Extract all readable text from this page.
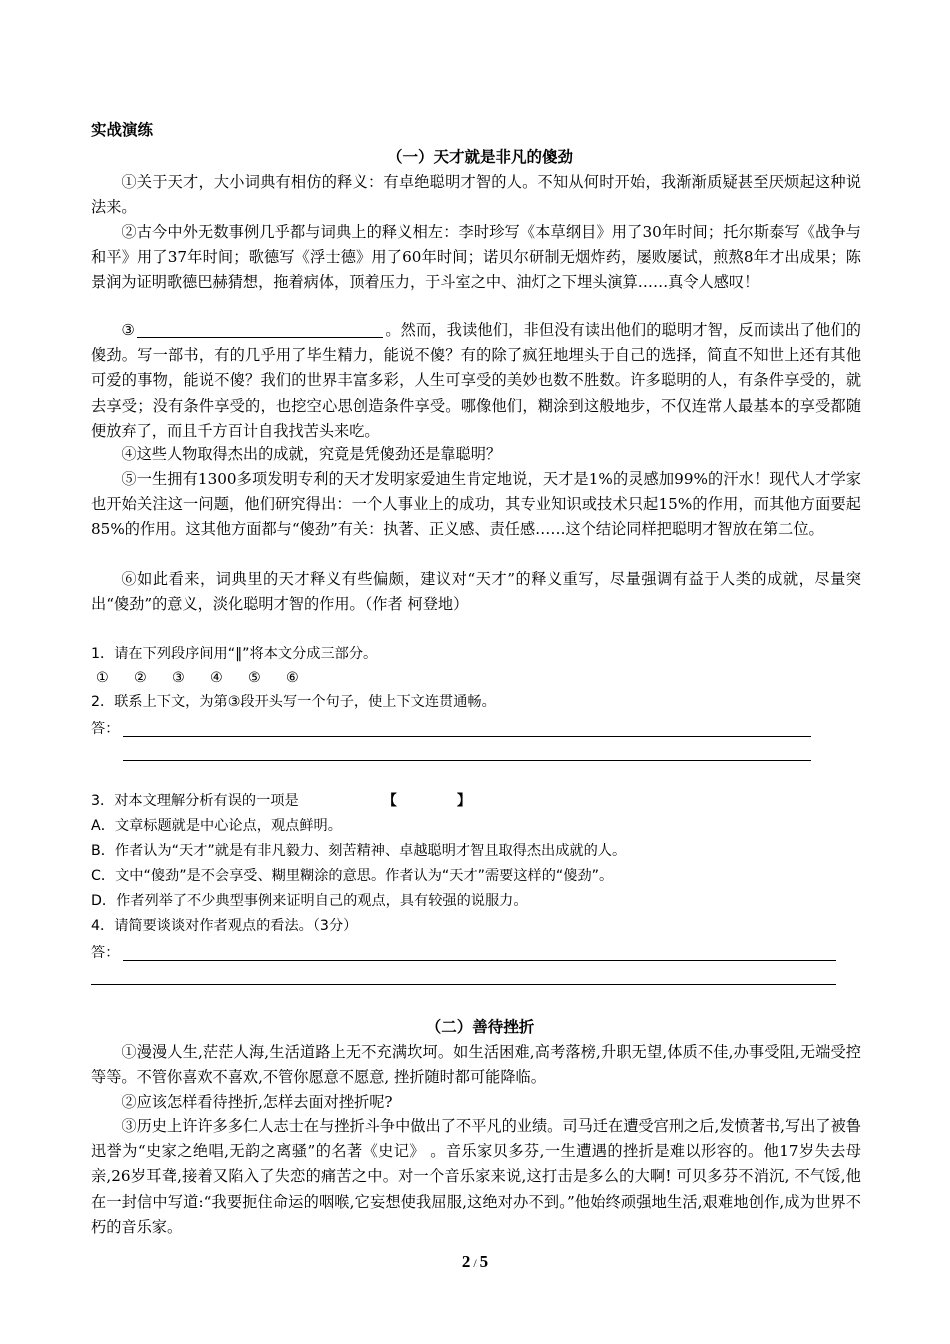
实战演练
（一）天才就是非凡的傻劲
①关于天才，大小词典有相仿的释义：有卓绝聪明才智的人。不知从何时开始，我渐渐质疑甚至厌烦起这种说法来。
②古今中外无数事例几乎都与词典上的释义相左：李时珍写《本草纲目》用了30年时间；托尔斯泰写《战争与和平》用了37年时间；歌德写《浮士德》用了60年时间；诺贝尔研制无烟炸药，屡败屡试，煎熬8年才出成果；陈景润为证明歌德巴赫猜想，拖着病体，顶着压力，于斗室之中、油灯之下埋头演算……真令人感叹！
③	。然而，我读他们，非但没有读出他们的聪明才智，反而读出了他们的傻劲。写一部书，有的几乎用了毕生精力，能说不傻？有的除了疯狂地埋头于自己的选择，简直不知世上还有其他可爱的事物，能说不傻？我们的世界丰富多彩，人生可享受的美妙也数不胜数。许多聪明的人，有条件享受的，就去享受；没有条件享受的，也挖空心思创造条件享受。哪像他们，糊涂到这般地步，不仅连常人最基本的享受都随便放弃了，而且千方百计自我找苦头来吃。
④这些人物取得杰出的成就，究竟是凭傻劲还是靠聪明？
⑤一生拥有1300多项发明专利的天才发明家爱迪生肯定地说，天才是1%的灵感加99%的汗水！现代人才学家也开始关注这一问题，他们研究得出：一个人事业上的成功，其专业知识或技术只起15%的作用，而其他方面要起85%的作用。这其他方面都与“傻劲”有关：执著、正义感、责任感……这个结论同样把聪明才智放在第二位。
⑥如此看来，词典里的天才释义有些偏颇，建议对“天才”的释义重写，尽量强调有益于人类的成就，尽量突出“傻劲”的意义，淡化聪明才智的作用。（作者 柯登地）
1．请在下列段序间用“‖”将本文分成三部分。
① ② ③ ④ ⑤ ⑥
2．联系上下文，为第③段开头写一个句子，使上下文连贯通畅。
答：
3．对本文理解分析有误的一项是	【	】
A．文章标题就是中心论点，观点鲜明。
B．作者认为“天才”就是有非凡毅力、刻苦精神、卓越聪明才智且取得杰出成就的人。
C．文中“傻劲”是不会享受、糊里糊涂的意思。作者认为“天才”需要这样的“傻劲”。
D．作者列举了不少典型事例来证明自己的观点，具有较强的说服力。
4．请简要谈谈对作者观点的看法。（3分）
答：
（二）善待挫折
①漫漫人生,茫茫人海,生活道路上无不充满坎坷。如生活困难,高考落榜,升职无望,体质不佳,办事受阻,无端受控等等。不管你喜欢不喜欢,不管你愿意不愿意, 挫折随时都可能降临。
②应该怎样看待挫折,怎样去面对挫折呢?
③历史上许许多多仁人志士在与挫折斗争中做出了不平凡的业绩。司马迁在遭受宫刑之后,发愤著书,写出了被鲁迅誉为“史家之绝唱,无韵之离骚”的名著《史记》 。音乐家贝多芬,一生遭遇的挫折是难以形容的。他17岁失去母亲,26岁耳聋,接着又陷入了失恋的痛苦之中。对一个音乐家来说,这打击是多么的大啊! 可贝多芬不消沉, 不气馁,他在一封信中写道:“我要扼住命运的咽喉,它妄想使我屈服,这绝对办不到。”他始终顽强地生活,艰难地创作,成为世界不朽的音乐家。
2 / 5
